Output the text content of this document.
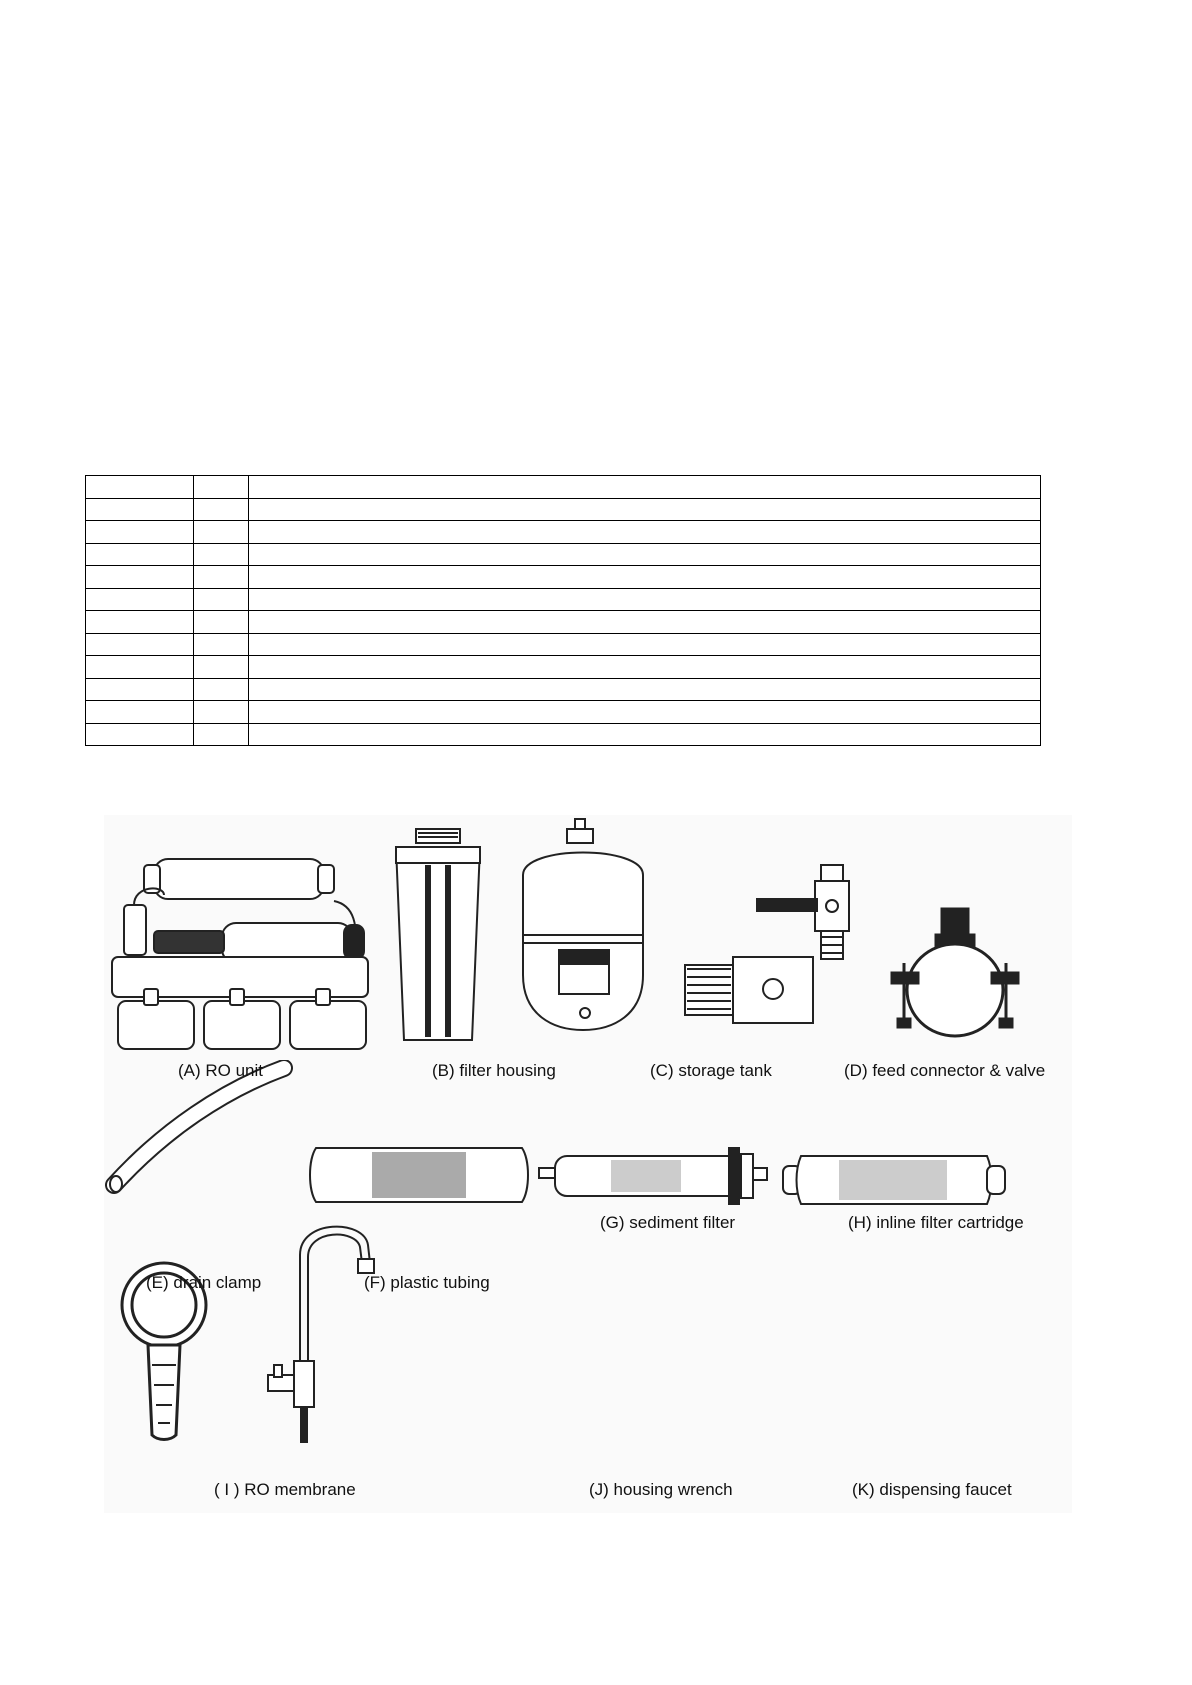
(A) RO unit
	(B) filter housing
	(C) storage tank
	(D) feed connector & valve

(E) drain clamp
	(F) plastic tubing

(G) sediment filter
	(H) inline filter cartridge

( I ) RO membrane
	(J) housing wrench	(K) dispensing faucet
